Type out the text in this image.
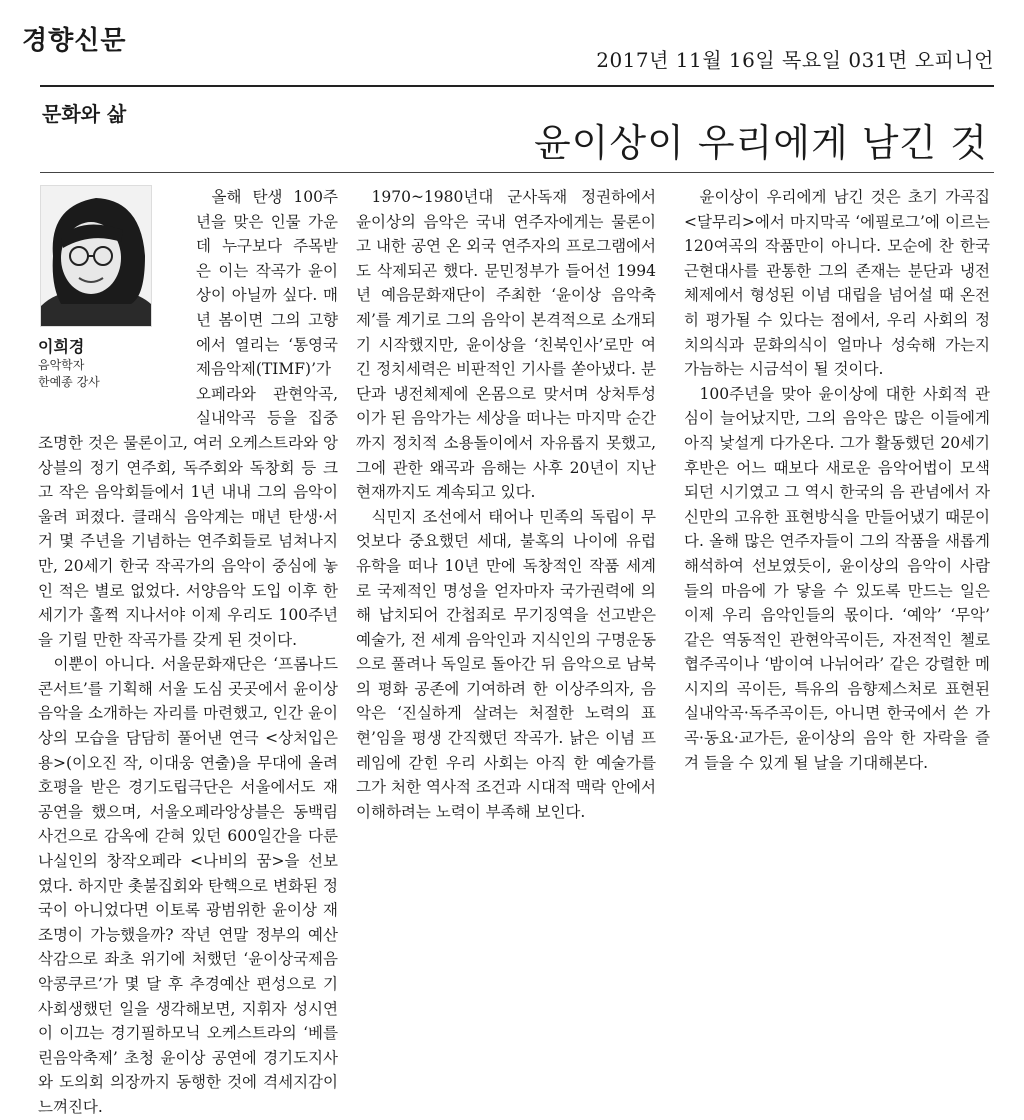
경향신문
2017년 11월 16일 목요일 031면 오피니언
문화와 삶
윤이상이 우리에게 남긴 것
이희경
음악학자
한예종 강사

올해 탄생 100주년을 맞은 인물 가운데 누구보다 주목받은 이는 작곡가 윤이상이 아닐까 싶다. 매년 봄이면 그의 고향에서 열리는 ‘통영국제음악제(TIMF)’가 오페라와 관현악곡, 실내악곡 등을 집중 조명한 것은 물론이고, 여러 오케스트라와 앙상블의 정기 연주회, 독주회와 독창회 등 크고 작은 음악회들에서 1년 내내 그의 음악이 울려 퍼졌다. 클래식 음악계는 매년 탄생·서거 몇 주년을 기념하는 연주회들로 넘쳐나지만, 20세기 한국 작곡가의 음악이 중심에 놓인 적은 별로 없었다. 서양음악 도입 이후 한 세기가 훌쩍 지나서야 이제 우리도 100주년을 기릴 만한 작곡가를 갖게 된 것이다.

이뿐이 아니다. 서울문화재단은 ‘프롬나드 콘서트’를 기획해 서울 도심 곳곳에서 윤이상 음악을 소개하는 자리를 마련했고, 인간 윤이상의 모습을 담담히 풀어낸 연극 <상처입은 용>(이오진 작, 이대웅 연출)을 무대에 올려 호평을 받은 경기도립극단은 서울에서도 재공연을 했으며, 서울오페라앙상블은 동백림 사건으로 감옥에 갇혀 있던 600일간을 다룬 나실인의 창작오페라 <나비의 꿈>을 선보였다. 하지만 촛불집회와 탄핵으로 변화된 정국이 아니었다면 이토록 광범위한 윤이상 재조명이 가능했을까? 작년 연말 정부의 예산 삭감으로 좌초 위기에 처했던 ‘윤이상국제음악콩쿠르’가 몇 달 후 추경예산 편성으로 기사회생했던 일을 생각해보면, 지휘자 성시연이 이끄는 경기필하모닉 오케스트라의 ‘베를린음악축제’ 초청 윤이상 공연에 경기도지사와 도의회 의장까지 동행한 것에 격세지감이 느껴진다.

1970~1980년대 군사독재 정권하에서 윤이상의 음악은 국내 연주자에게는 물론이고 내한 공연 온 외국 연주자의 프로그램에서도 삭제되곤 했다. 문민정부가 들어선 1994년 예음문화재단이 주최한 ‘윤이상 음악축제’를 계기로 그의 음악이 본격적으로 소개되기 시작했지만, 윤이상을 ‘친북인사’로만 여긴 정치세력은 비판적인 기사를 쏟아냈다. 분단과 냉전체제에 온몸으로 맞서며 상처투성이가 된 음악가는 세상을 떠나는 마지막 순간까지 정치적 소용돌이에서 자유롭지 못했고, 그에 관한 왜곡과 음해는 사후 20년이 지난 현재까지도 계속되고 있다.

식민지 조선에서 태어나 민족의 독립이 무엇보다 중요했던 세대, 불혹의 나이에 유럽 유학을 떠나 10년 만에 독창적인 작품 세계로 국제적인 명성을 얻자마자 국가권력에 의해 납치되어 간첩죄로 무기징역을 선고받은 예술가, 전 세계 음악인과 지식인의 구명운동으로 풀려나 독일로 돌아간 뒤 음악으로 남북의 평화 공존에 기여하려 한 이상주의자, 음악은 ‘진실하게 살려는 처절한 노력의 표현’임을 평생 간직했던 작곡가. 낡은 이념 프레임에 갇힌 우리 사회는 아직 한 예술가를 그가 처한 역사적 조건과 시대적 맥락 안에서 이해하려는 노력이 부족해 보인다.

윤이상이 우리에게 남긴 것은 초기 가곡집 <달무리>에서 마지막곡 ‘에필로그’에 이르는 120여곡의 작품만이 아니다. 모순에 찬 한국 근현대사를 관통한 그의 존재는 분단과 냉전체제에서 형성된 이념 대립을 넘어설 때 온전히 평가될 수 있다는 점에서, 우리 사회의 정치의식과 문화의식이 얼마나 성숙해 가는지 가늠하는 시금석이 될 것이다.

100주년을 맞아 윤이상에 대한 사회적 관심이 늘어났지만, 그의 음악은 많은 이들에게 아직 낯설게 다가온다. 그가 활동했던 20세기 후반은 어느 때보다 새로운 음악어법이 모색되던 시기였고 그 역시 한국의 음 관념에서 자신만의 고유한 표현방식을 만들어냈기 때문이다. 올해 많은 연주자들이 그의 작품을 새롭게 해석하여 선보였듯이, 윤이상의 음악이 사람들의 마음에 가 닿을 수 있도록 만드는 일은 이제 우리 음악인들의 몫이다. ‘예악’ ‘무악’ 같은 역동적인 관현악곡이든, 자전적인 첼로 협주곡이나 ‘밤이여 나뉘어라’ 같은 강렬한 메시지의 곡이든, 특유의 음향제스처로 표현된 실내악곡·독주곡이든, 아니면 한국에서 쓴 가곡·동요·교가든, 윤이상의 음악 한 자락을 즐겨 들을 수 있게 될 날을 기대해본다.
